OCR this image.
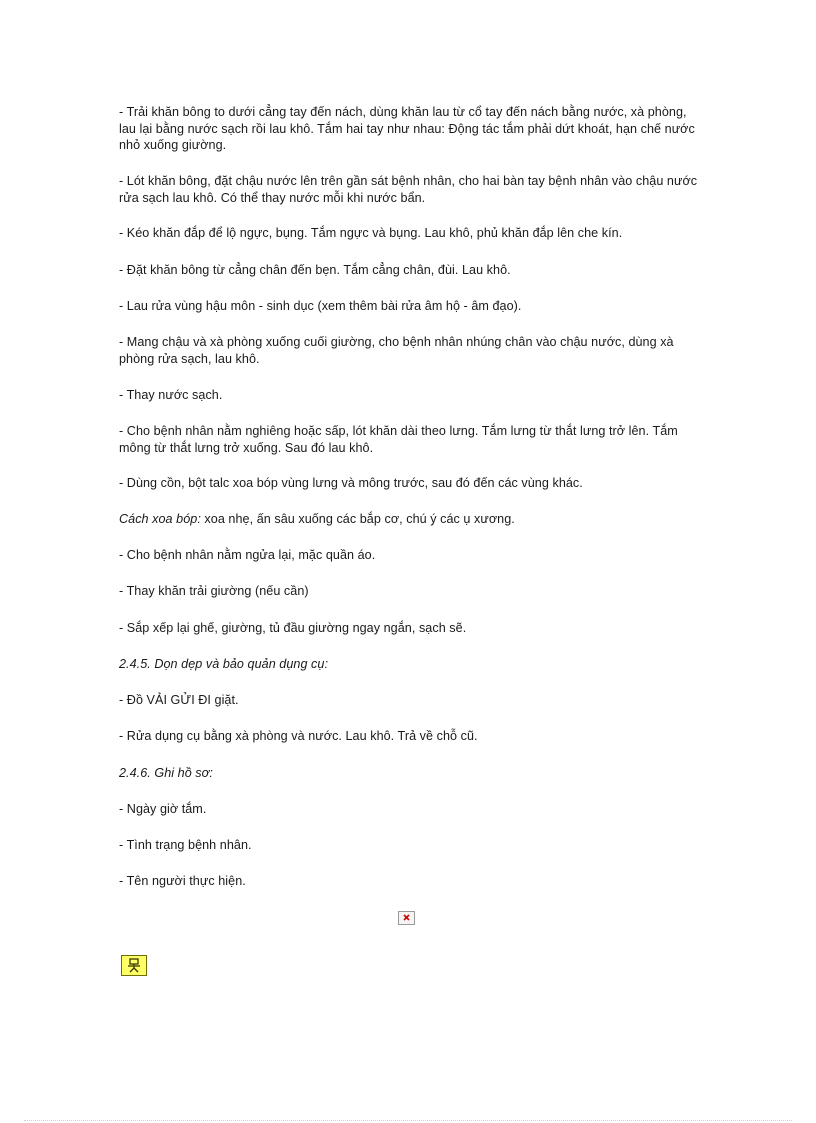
- Trải khăn bông to dưới cẳng tay đến nách, dùng khăn lau từ cổ tay đến nách bằng nước, xà phòng, lau lại bằng nước sạch rồi lau khô. Tắm hai tay như nhau: Động tác tắm phải dứt khoát, hạn chế nước nhỏ xuống giường.

- Lót khăn bông, đặt chậu nước lên trên gần sát bệnh nhân, cho hai bàn tay bệnh nhân vào chậu nước rửa sạch lau khô. Có thể thay nước mỗi khi nước bẩn.

- Kéo khăn đắp để lộ ngực, bụng. Tắm ngực và bụng. Lau khô, phủ khăn đắp lên che kín.

- Đặt khăn bông từ cẳng chân đến bẹn. Tắm cẳng chân, đùi. Lau khô.

- Lau rửa vùng hậu môn - sinh dục (xem thêm bài rửa âm hộ - âm đạo).

- Mang chậu và xà phòng xuống cuối giường, cho bệnh nhân nhúng chân vào chậu nước, dùng xà phòng rửa sạch, lau khô.

- Thay nước sạch.

- Cho bệnh nhân nằm nghiêng hoặc sấp, lót khăn dài theo lưng. Tắm lưng từ thắt lưng trở lên. Tắm mông từ thắt lưng trở xuống. Sau đó lau khô.

- Dùng cồn, bột talc xoa bóp vùng lưng và mông trước, sau đó đến các vùng khác.

Cách xoa bóp: xoa nhẹ, ấn sâu xuống các bắp cơ, chú ý các ụ xương.

- Cho bệnh nhân nằm ngửa lại, mặc quần áo.

- Thay khăn trải giường (nếu cần)

- Sắp xếp lại ghế, giường, tủ đầu giường ngay ngắn, sạch sẽ.

2.4.5. Dọn dẹp và bảo quản dụng cụ:

- Đồ VẢI GỬI ĐI giặt.

- Rửa dụng cụ bằng xà phòng và nước. Lau khô. Trả về chỗ cũ.

2.4.6. Ghi hồ sơ:

- Ngày giờ tắm.

- Tình trạng bệnh nhân.

- Tên người thực hiện.
